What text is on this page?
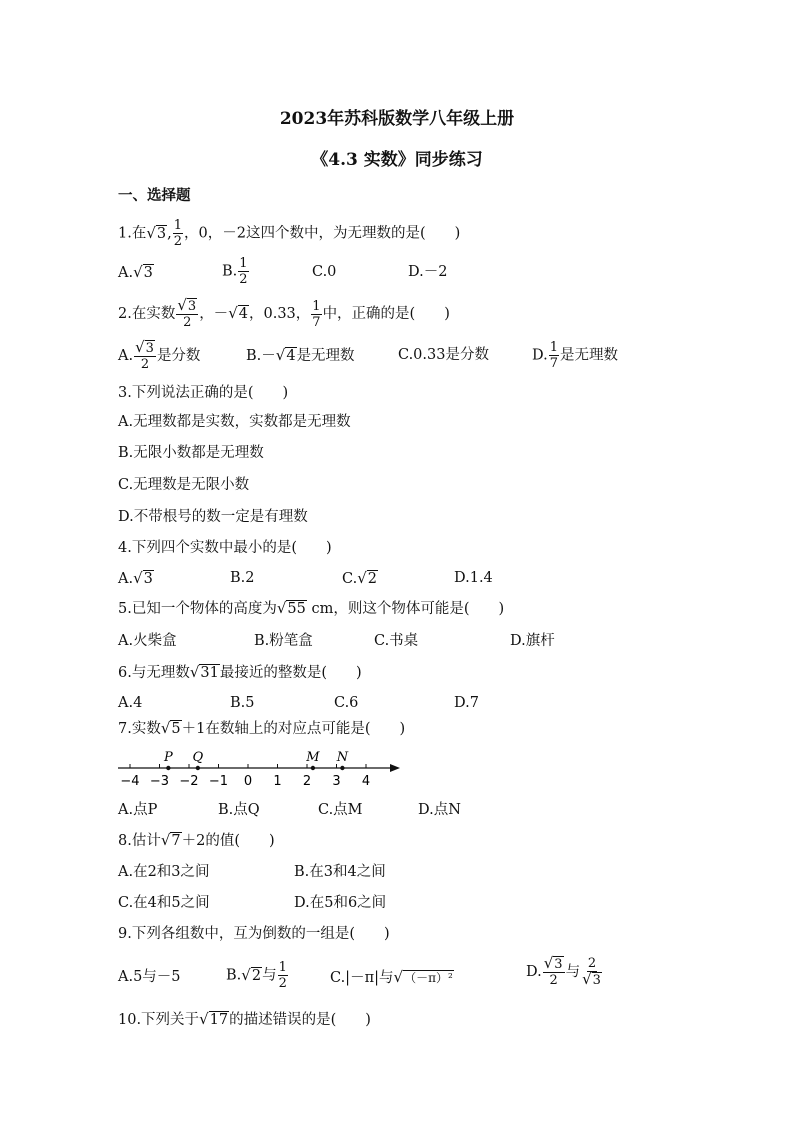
2023年苏科版数学八年级上册
《4.3 实数》同步练习
一、选择题
1.在√3, $\frac{1}{2}$ ，0，－2这四个数中，为无理数的是(　　)
A.√3	B. $\frac{1}{2}$	C.0	D.－2
2.在实数 $\frac{√3}{2}$ ，－√4，0.33， $\frac{1}{7}$ 中，正确的是(　　)
A. $\frac{√3}{2}$ 是分数	B.－√4是无理数	C.0.33是分数	D. $\frac{1}{7}$ 是无理数
3.下列说法正确的是(　　)
A.无理数都是实数，实数都是无理数
B.无限小数都是无理数
C.无理数是无限小数
D.不带根号的数一定是有理数
4.下列四个实数中最小的是(　　)
A.√3	B.2	C.√2	D.1.4
5.已知一个物体的高度为√55 cm，则这个物体可能是(　　)
A.火柴盒	B.粉笔盒	C.书桌	D.旗杆
6.与无理数√31最接近的整数是(　　)
A.4	B.5	C.6	D.7
7.实数√5＋1在数轴上的对应点可能是(　　)
−4 −3 −2 −1 0 1 2 3 4
P Q	M N
A.点P	B.点Q	C.点M	D.点N
8.估计√7＋2的值(　　)
A.在2和3之间	B.在3和4之间
C.在4和5之间	D.在5和6之间
9.下列各组数中，互为倒数的一组是(　　)
A.5与－5	B.√2与 $\frac{1}{2}$	C.|－π|与√（－π）²	D. $\frac{√3}{2}$ 与 $\frac{2}{√3}$
10.下列关于√17的描述错误的是(　　)
